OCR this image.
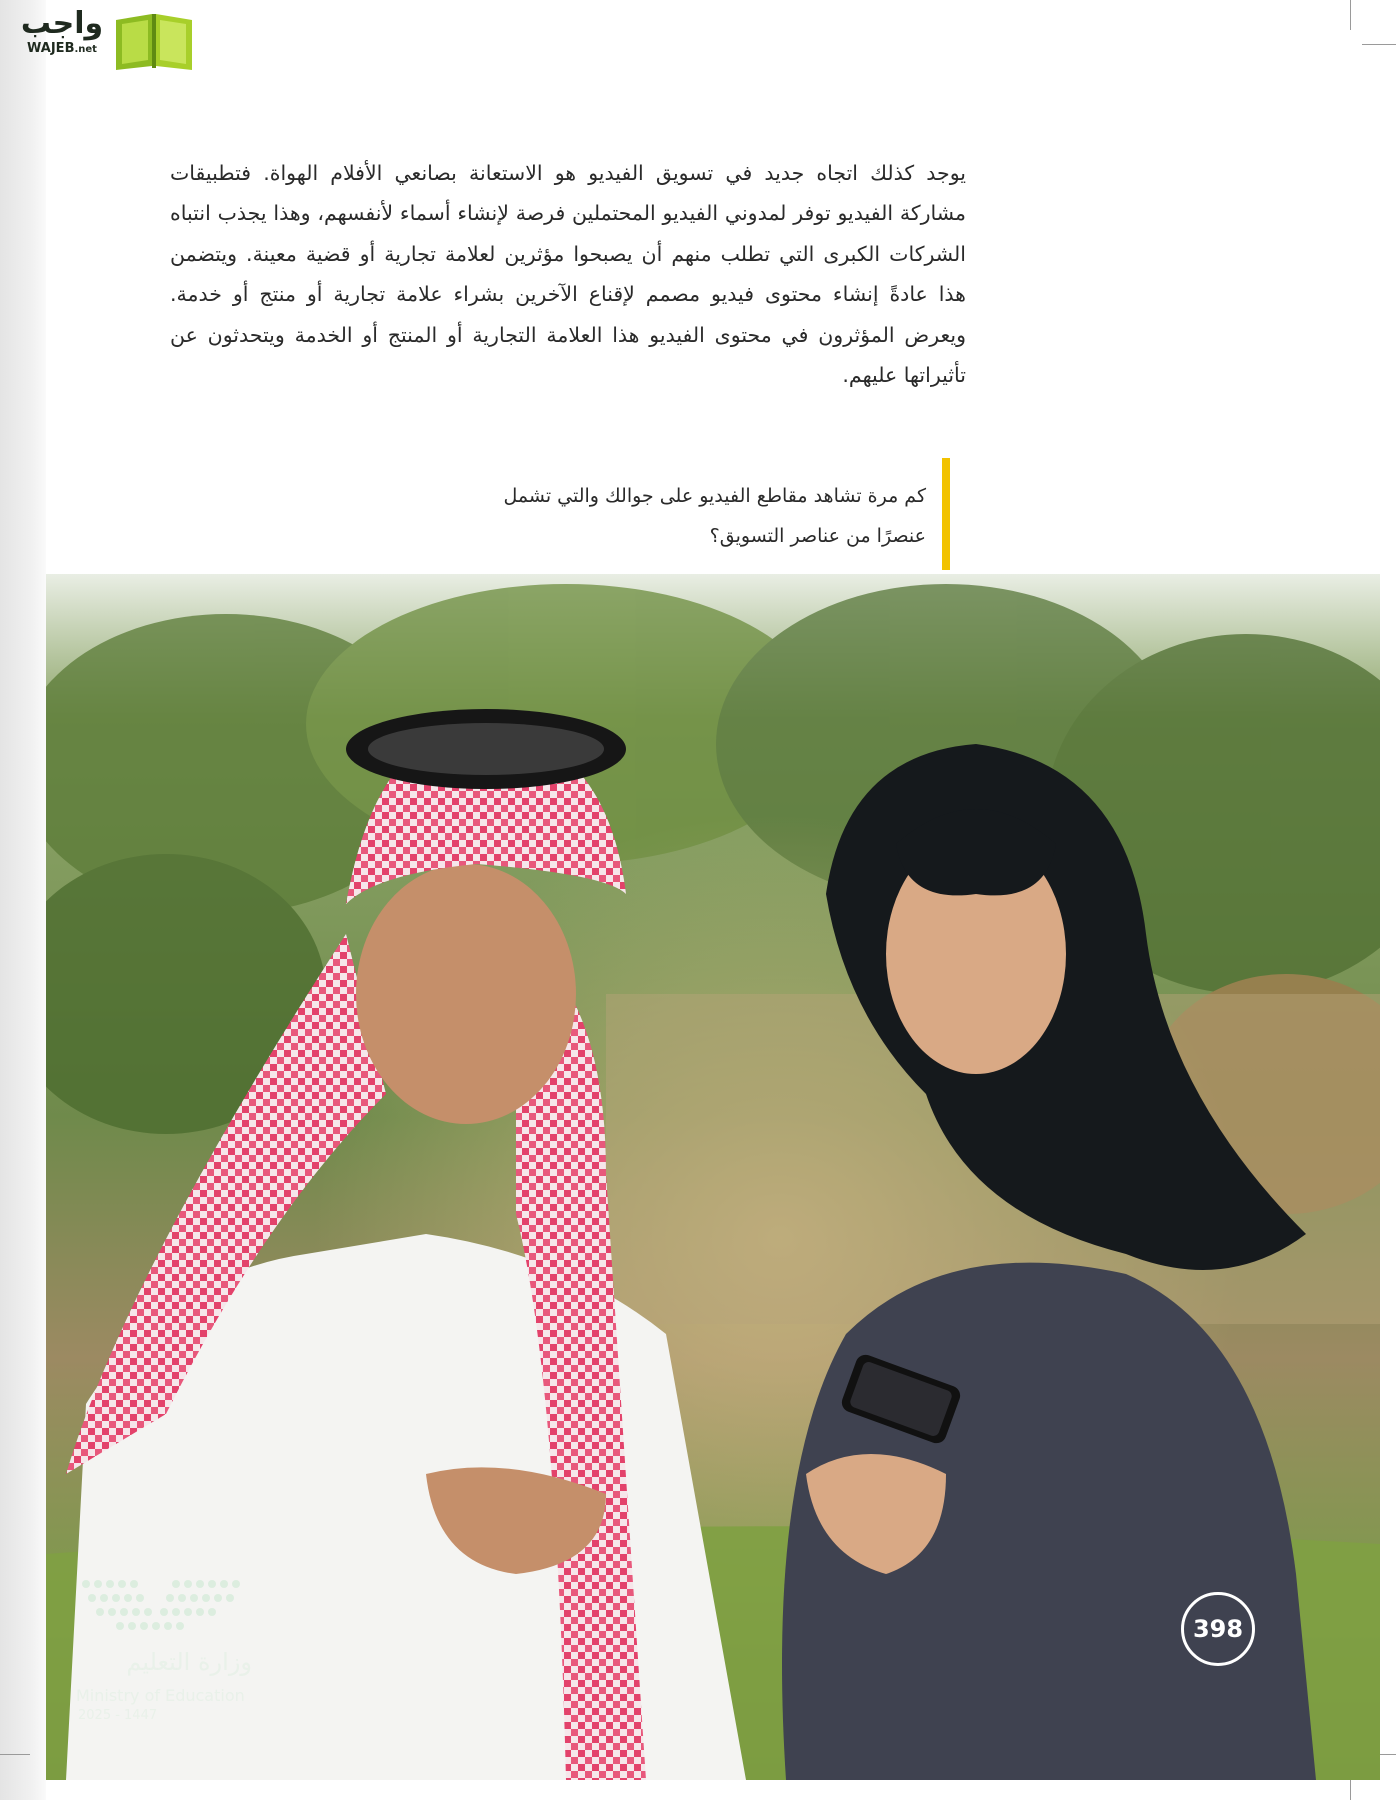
واجب
WAJEB.net

يوجد كذلك اتجاه جديد في تسويق الفيديو هو الاستعانة بصانعي الأفلام الهواة. فتطبيقات مشاركة الفيديو توفر لمدوني الفيديو المحتملين فرصة لإنشاء أسماء لأنفسهم، وهذا يجذب انتباه الشركات الكبرى التي تطلب منهم أن يصبحوا مؤثرين لعلامة تجارية أو قضية معينة. ويتضمن هذا عادةً إنشاء محتوى فيديو مصمم لإقناع الآخرين بشراء علامة تجارية أو منتج أو خدمة. ويعرض المؤثرون في محتوى الفيديو هذا العلامة التجارية أو المنتج أو الخدمة ويتحدثون عن تأثيراتها عليهم.

كم مرة تشاهد مقاطع الفيديو على جوالك والتي تشمل
عنصرًا من عناصر التسويق؟
وزارة التعليم
Ministry of Education
2025 - 1447
398
